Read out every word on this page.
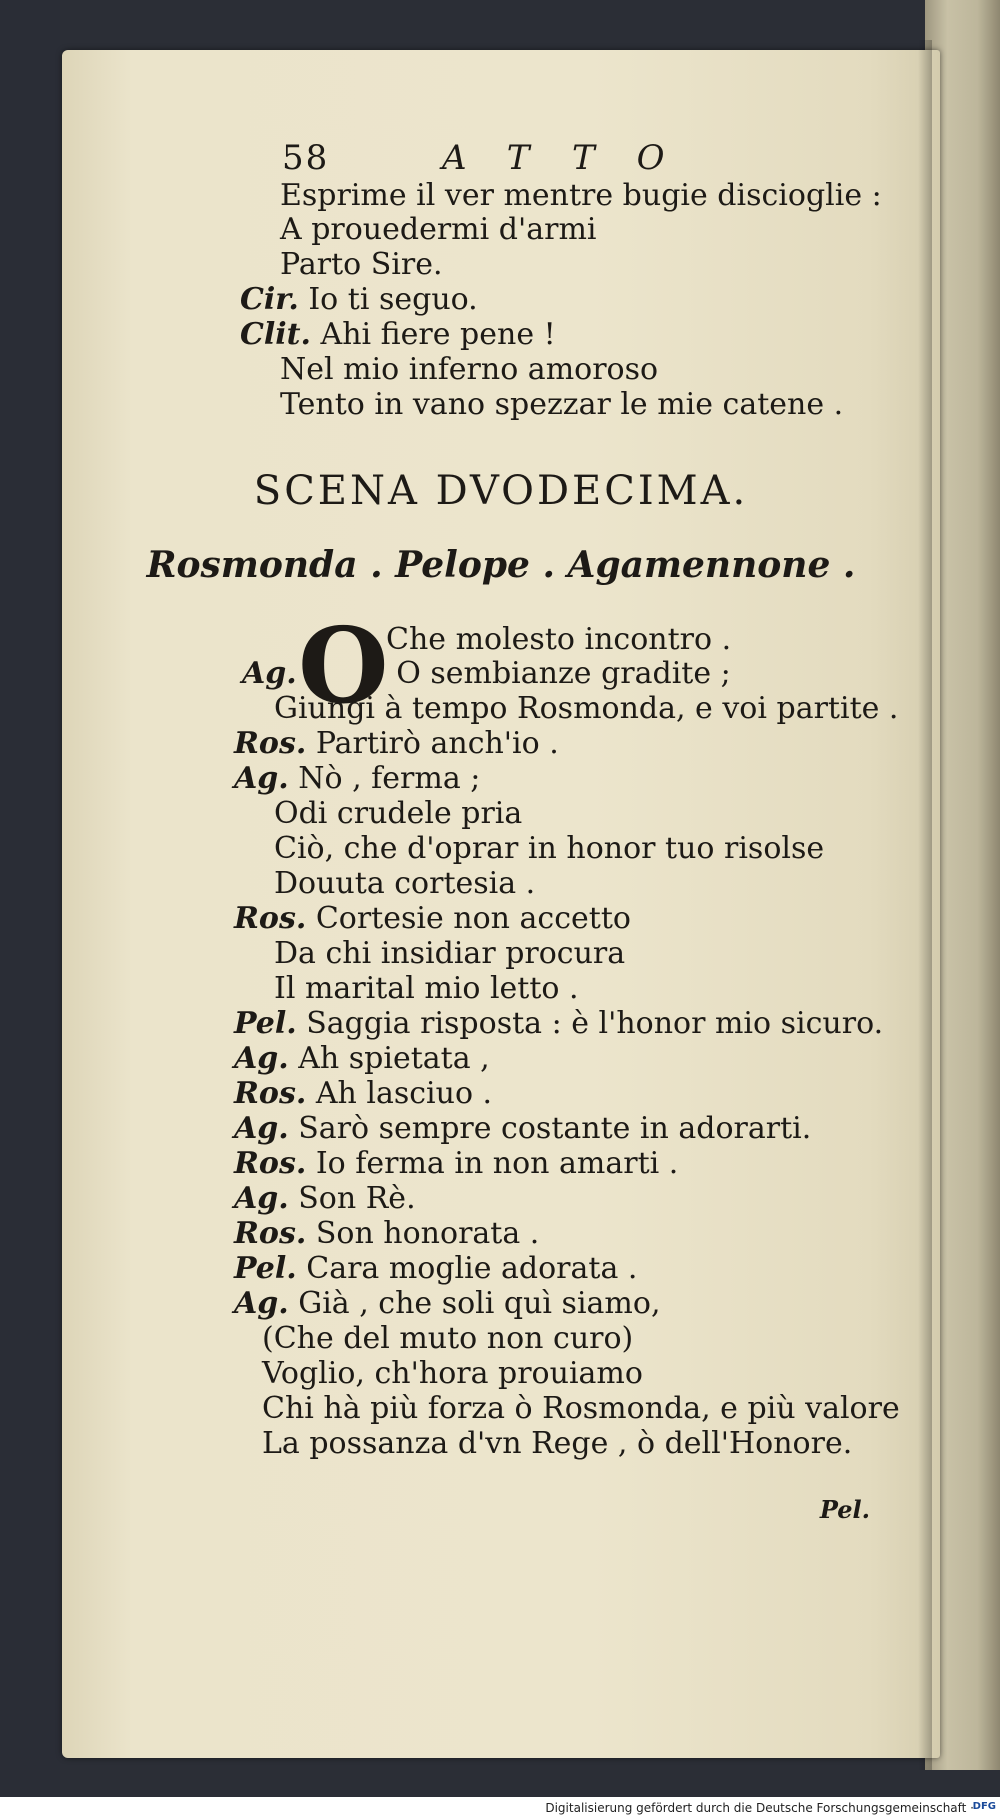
58	ATTO
Esprime il ver mentre bugie discioglie :
A prouedermi d'armi
Parto Sire.
Cir. Io ti seguo.
Clit. Ahi fiere pene !
Nel mio inferno amoroso
Tento in vano spezzar le mie catene .
SCENA DVODECIMA.
Rosmonda . Pelope . Agamennone .
O
Che molesto incontro .
Ag.	O sembianze gradite ;
Giungi à tempo Rosmonda, e voi partite .
Ros. Partirò anch'io .
Ag. Nò , ferma ;
Odi crudele pria
Ciò, che d'oprar in honor tuo risolse
Douuta cortesia .
Ros. Cortesie non accetto
Da chi insidiar procura
Il marital mio letto .
Pel. Saggia risposta : è l'honor mio sicuro.
Ag. Ah spietata ,
Ros. Ah lasciuo .
Ag. Sarò sempre costante in adorarti.
Ros. Io ferma in non amarti .
Ag. Son Rè.
Ros. Son honorata .
Pel. Cara moglie adorata .
Ag. Già , che soli quì siamo,
(Che del muto non curo)
Voglio, ch'hora prouiamo
Chi hà più forza ò Rosmonda, e più valore
La possanza d'vn Rege , ò dell'Honore.
Pel.
Digitalisierung gefördert durch die Deutsche Forschungsgemeinschaft ·
DFG
